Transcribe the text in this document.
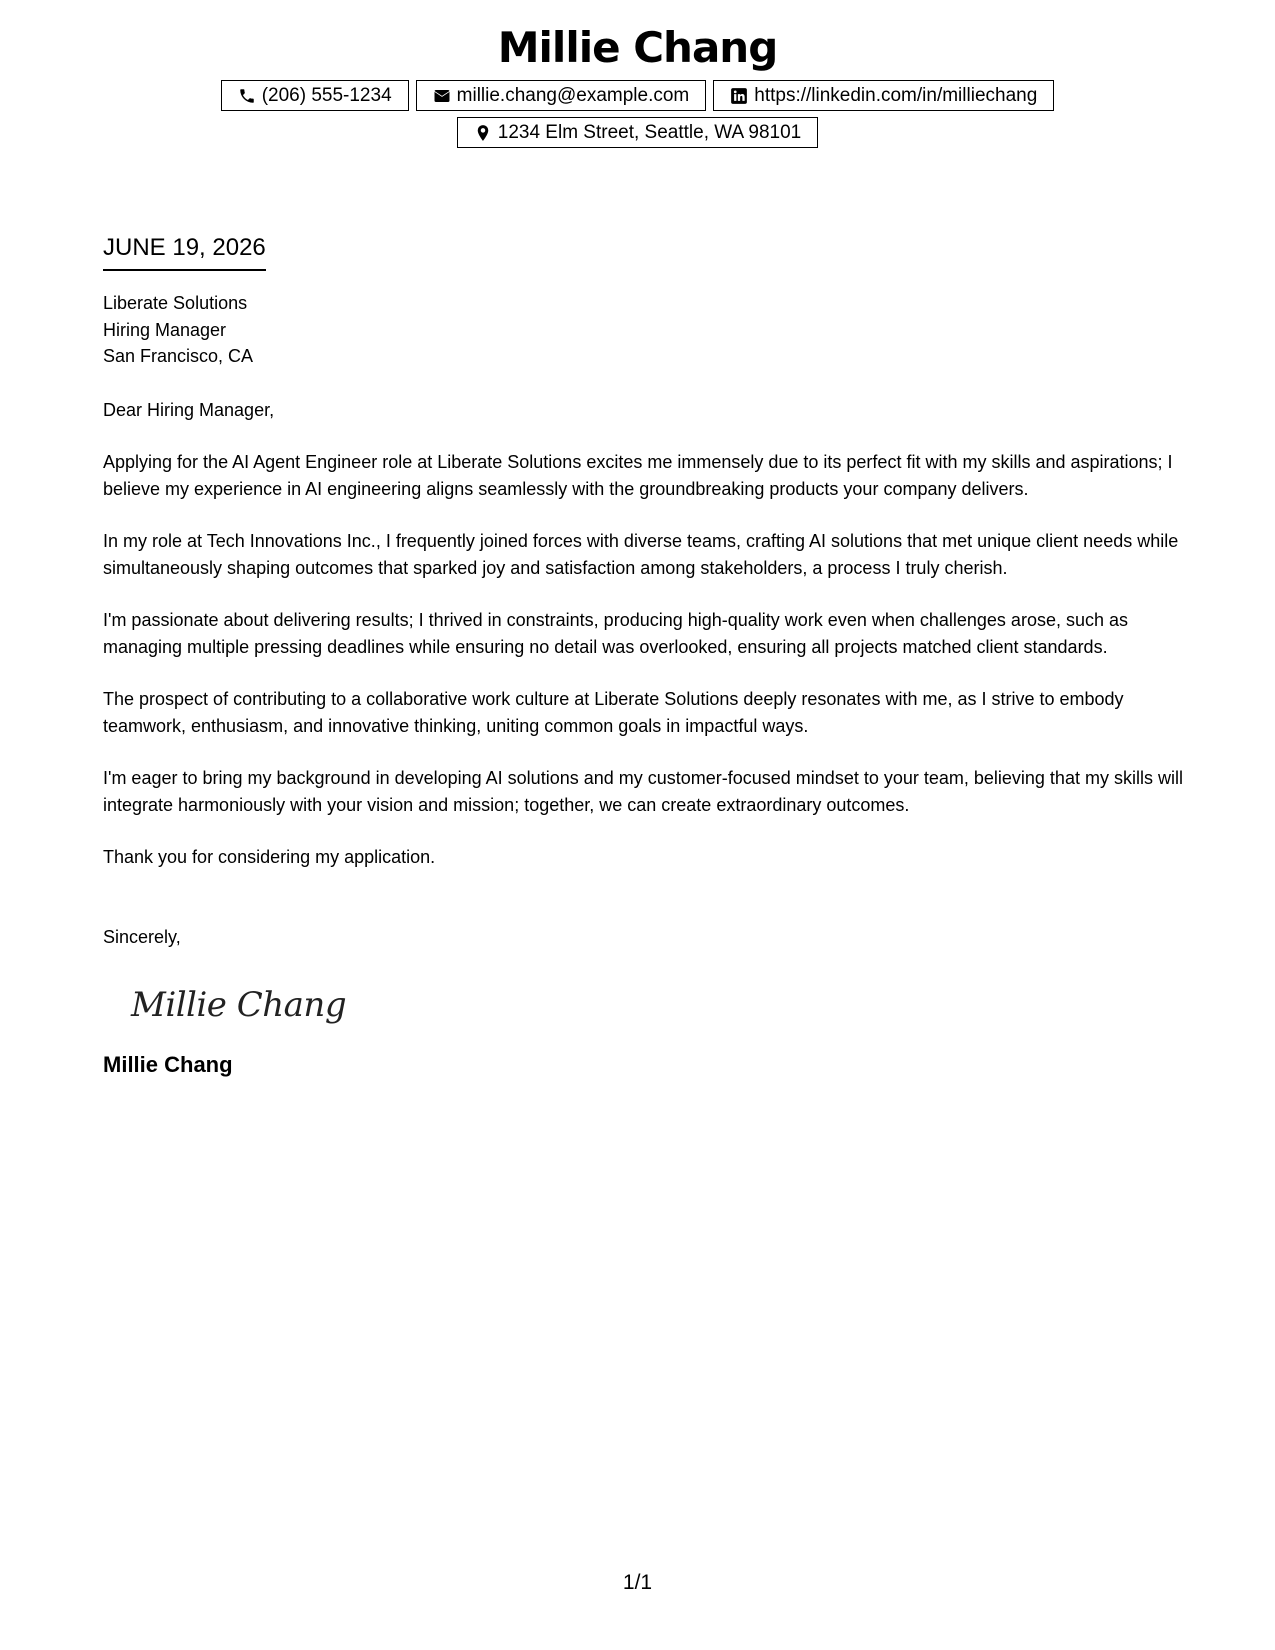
Millie Chang
(206) 555-1234	millie.chang@example.com	https://linkedin.com/in/milliechang
1234 Elm Street, Seattle, WA 98101
JUNE 19, 2026
Liberate Solutions
Hiring Manager
San Francisco, CA
Dear Hiring Manager,

Applying for the AI Agent Engineer role at Liberate Solutions excites me immensely due to its perfect fit with my skills and aspirations; I believe my experience in AI engineering aligns seamlessly with the groundbreaking products your company delivers.

In my role at Tech Innovations Inc., I frequently joined forces with diverse teams, crafting AI solutions that met unique client needs while simultaneously shaping outcomes that sparked joy and satisfaction among stakeholders, a process I truly cherish.

I'm passionate about delivering results; I thrived in constraints, producing high-quality work even when challenges arose, such as managing multiple pressing deadlines while ensuring no detail was overlooked, ensuring all projects matched client standards.

The prospect of contributing to a collaborative work culture at Liberate Solutions deeply resonates with me, as I strive to embody teamwork, enthusiasm, and innovative thinking, uniting common goals in impactful ways.

I'm eager to bring my background in developing AI solutions and my customer-focused mindset to your team, believing that my skills will integrate harmoniously with your vision and mission; together, we can create extraordinary outcomes.

Thank you for considering my application.
Sincerely,
Millie Chang
Millie Chang
1/1
